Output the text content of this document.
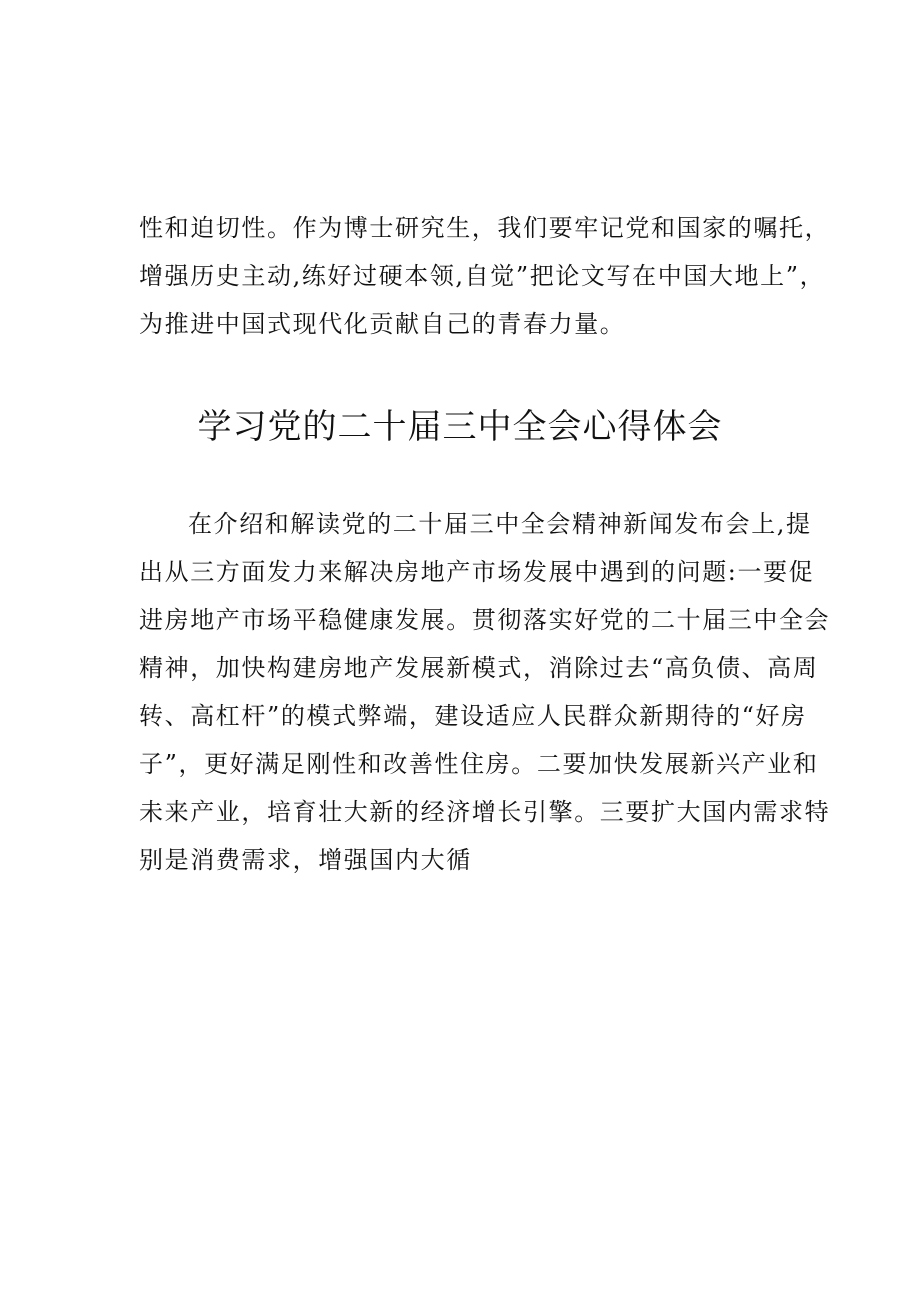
性和迫切性。作为博士研究生，我们要牢记党和国家的嘱托，
增强历史主动,练好过硬本领,自觉”把论文写在中国大地上”，
为推进中国式现代化贡献自己的青春力量。
学习党的二十届三中全会心得体会
在介绍和解读党的二十届三中全会精神新闻发布会上,提
出从三方面发力来解决房地产市场发展中遇到的问题:一要促
进房地产市场平稳健康发展。贯彻落实好党的二十届三中全会
精神，加快构建房地产发展新模式，消除过去“高负债、高周
转、高杠杆”的模式弊端，建设适应人民群众新期待的“好房
子”，更好满足刚性和改善性住房。二要加快发展新兴产业和
未来产业，培育壮大新的经济增长引擎。三要扩大国内需求特
别是消费需求，增强国内大循
